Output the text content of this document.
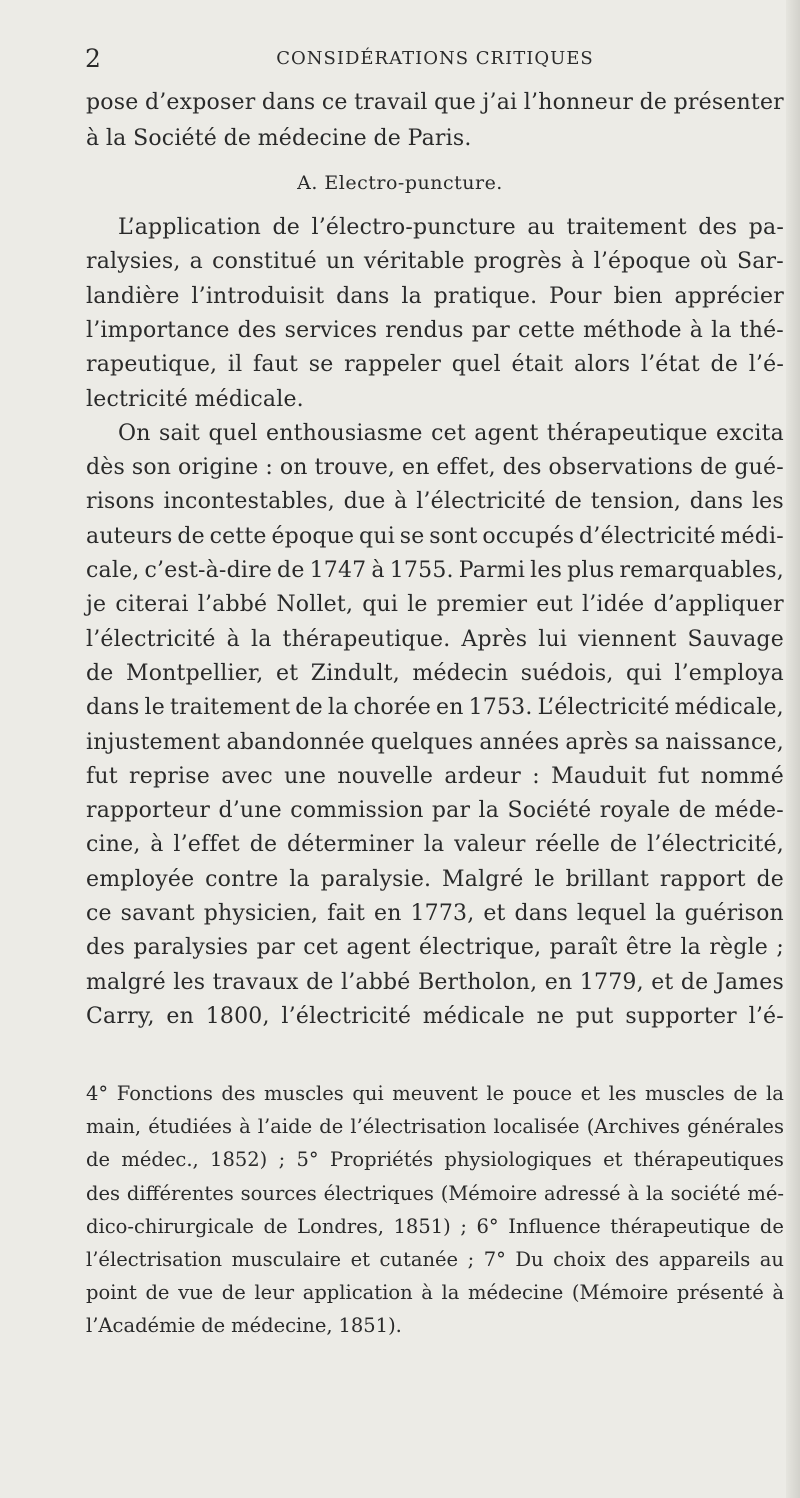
2	CONSIDÉRATIONS CRITIQUES
A. Electro-puncture.
pose d’exposer dans ce travail que j’ai l’honneur de présenter
à la Société de médecine de Paris.
L’application de l’électro-puncture au traitement des pa-
ralysies, a constitué un véritable progrès à l’époque où Sar-
landière l’introduisit dans la pratique. Pour bien apprécier
l’importance des services rendus par cette méthode à la thé-
rapeutique, il faut se rappeler quel était alors l’état de l’é-
lectricité médicale.
On sait quel enthousiasme cet agent thérapeutique excita
dès son origine : on trouve, en effet, des observations de gué-
risons incontestables, due à l’électricité de tension, dans les
auteurs de cette époque qui se sont occupés d’électricité médi-
cale, c’est-à-dire de 1747 à 1755. Parmi les plus remarquables,
je citerai l’abbé Nollet, qui le premier eut l’idée d’appliquer
l’électricité à la thérapeutique. Après lui viennent Sauvage
de Montpellier, et Zindult, médecin suédois, qui l’employa
dans le traitement de la chorée en 1753. L’électricité médicale,
injustement abandonnée quelques années après sa naissance,
fut reprise avec une nouvelle ardeur : Mauduit fut nommé
rapporteur d’une commission par la Société royale de méde-
cine, à l’effet de déterminer la valeur réelle de l’électricité,
employée contre la paralysie. Malgré le brillant rapport de
ce savant physicien, fait en 1773, et dans lequel la guérison
des paralysies par cet agent électrique, paraît être la règle ;
malgré les travaux de l’abbé Bertholon, en 1779, et de James
Carry, en 1800, l’électricité médicale ne put supporter l’é-
4° Fonctions des muscles qui meuvent le pouce et les muscles de la
main, étudiées à l’aide de l’électrisation localisée (Archives générales
de médec., 1852) ; 5° Propriétés physiologiques et thérapeutiques
des différentes sources électriques (Mémoire adressé à la société mé-
dico-chirurgicale de Londres, 1851) ; 6° Influence thérapeutique de
l’électrisation musculaire et cutanée ; 7° Du choix des appareils au
point de vue de leur application à la médecine (Mémoire présenté à
l’Académie de médecine, 1851).
